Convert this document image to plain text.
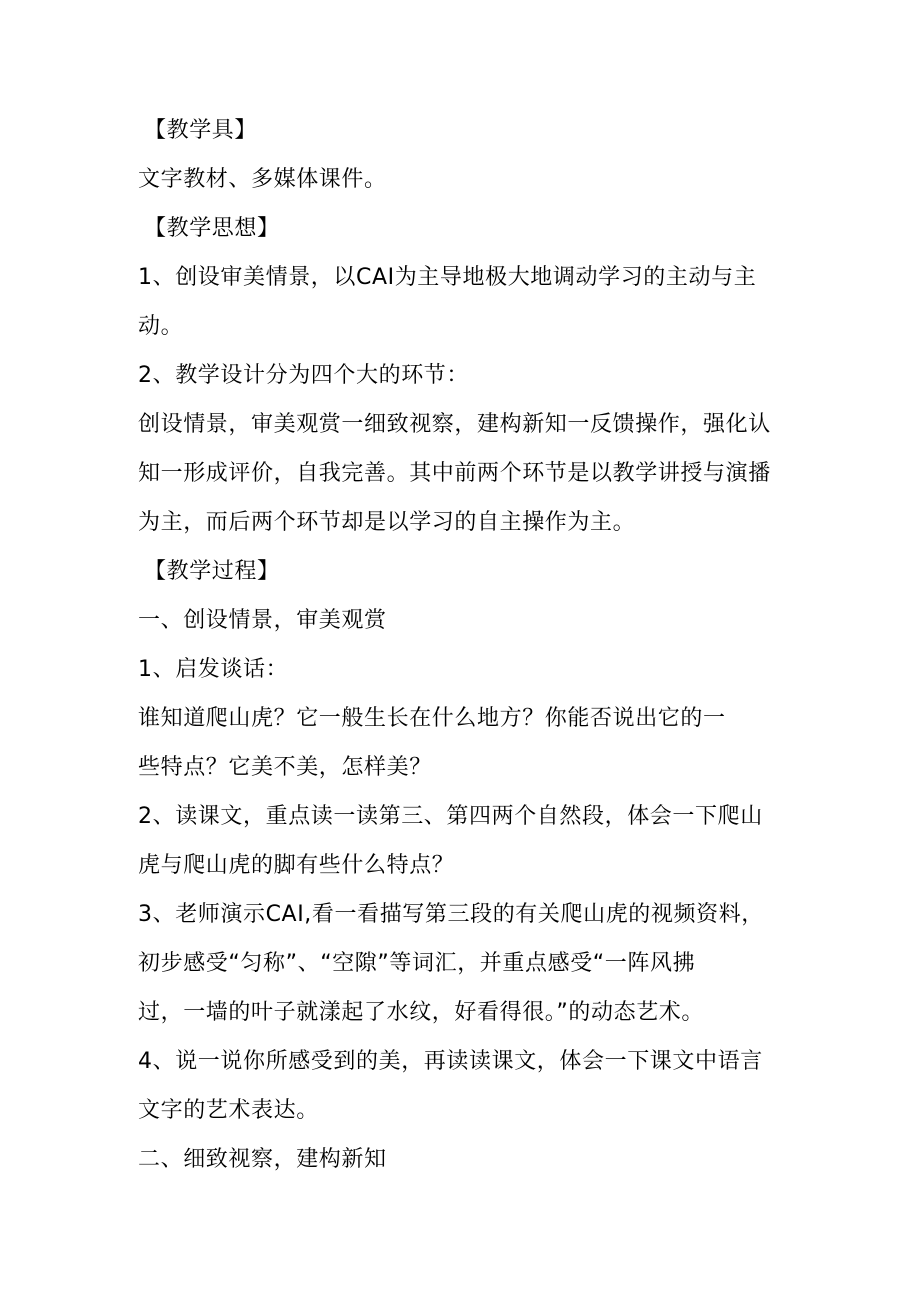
【教学具】
文字教材、多媒体课件。
【教学思想】
1、创设审美情景，以CAI为主导地极大地调动学习的主动与主
动。
2、教学设计分为四个大的环节：
创设情景，审美观赏一细致视察，建构新知一反馈操作，强化认
知一形成评价，自我完善。其中前两个环节是以教学讲授与演播
为主，而后两个环节却是以学习的自主操作为主。
【教学过程】
一、创设情景，审美观赏
1、启发谈话：
谁知道爬山虎？它一般生长在什么地方？你能否说出它的一
些特点？它美不美，怎样美？
2、读课文，重点读一读第三、第四两个自然段，体会一下爬山
虎与爬山虎的脚有些什么特点？
3、老师演示CAI,看一看描写第三段的有关爬山虎的视频资料，
初步感受“匀称”、“空隙”等词汇，并重点感受“一阵风拂
过，一墙的叶子就漾起了水纹，好看得很。”的动态艺术。
4、说一说你所感受到的美，再读读课文，体会一下课文中语言
文字的艺术表达。
二、细致视察，建构新知
